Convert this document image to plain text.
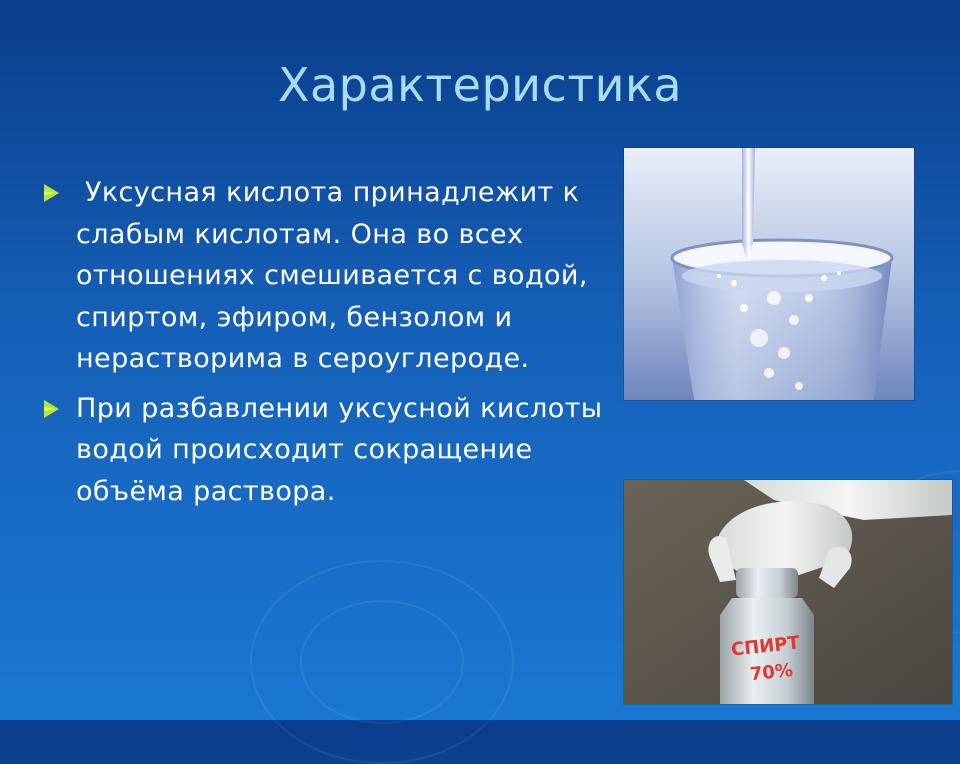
Характеристика
Уксусная кислота принадлежит к слабым кислотам. Она во всех отношениях смешивается с водой, спиртом, эфиром, бензолом и нерастворима в сероуглероде.
При разбавлении уксусной кислоты водой происходит сокращение объёма раствора.
СПИРТ
70%
